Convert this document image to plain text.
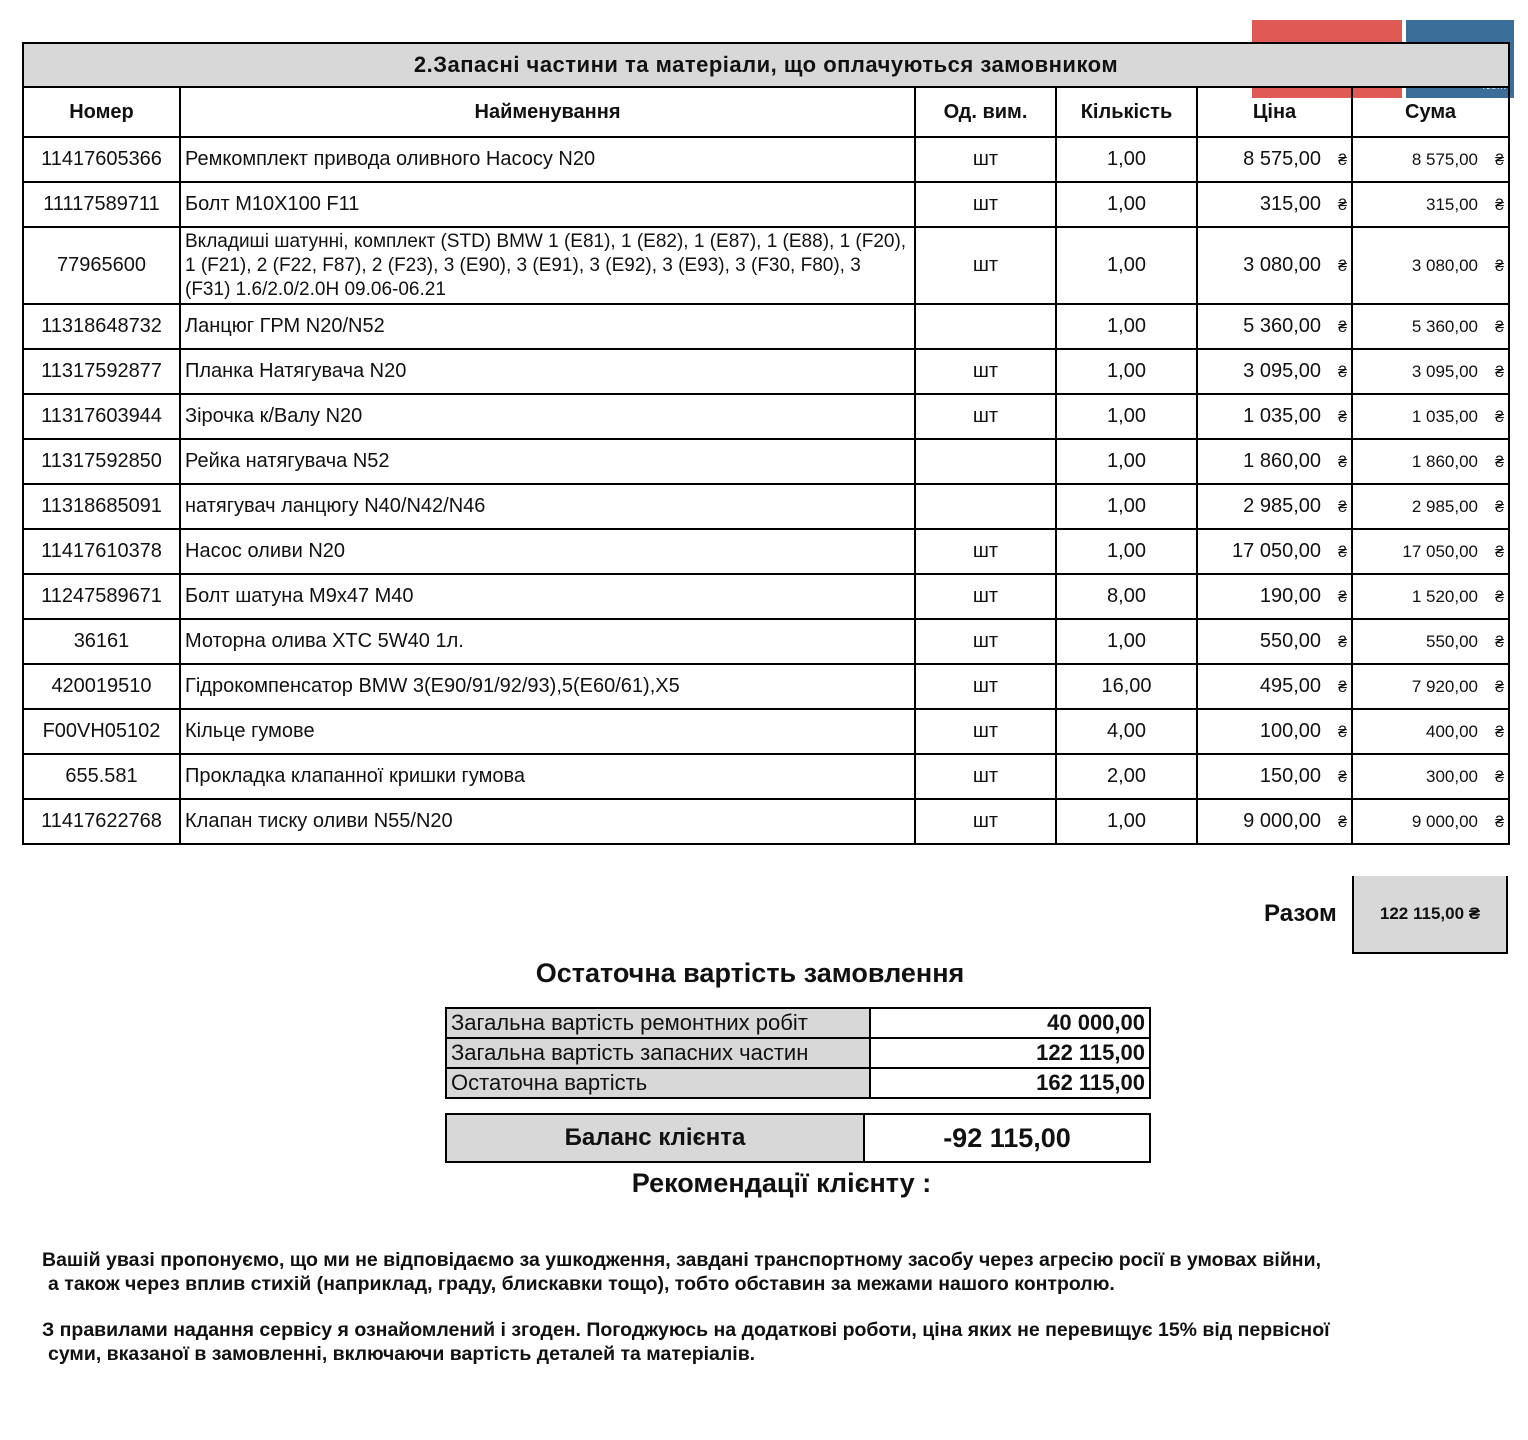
2.Запасні частини та матеріали, що оплачуються замовником					
Номер	Найменування	Од. вим.	Кількість	Ціна	Сума
11417605366	Ремкомплект привода оливного Насосу N20	шт	1,00	8 575,00 ₴	8 575,00 ₴
11117589711	Болт M10X100 F11	шт	1,00	315,00 ₴	315,00 ₴
77965600	Вкладиші шатунні, комплект (STD) BMW 1 (E81), 1 (E82), 1 (E87), 1 (E88), 1 (F20), 1 (F21), 2 (F22, F87), 2 (F23), 3 (E90), 3 (E91), 3 (E92), 3 (E93), 3 (F30, F80), 3 (F31) 1.6/2.0/2.0H 09.06-06.21	шт	1,00	3 080,00 ₴	3 080,00 ₴
11318648732	Ланцюг ГРМ N20/N52		1,00	5 360,00 ₴	5 360,00 ₴
11317592877	Планка Натягувача N20	шт	1,00	3 095,00 ₴	3 095,00 ₴
11317603944	Зірочка к/Валу N20	шт	1,00	1 035,00 ₴	1 035,00 ₴
11317592850	Рейка натягувача N52		1,00	1 860,00 ₴	1 860,00 ₴
11318685091	натягувач ланцюгу N40/N42/N46		1,00	2 985,00 ₴	2 985,00 ₴
11417610378	Насос оливи N20	шт	1,00	17 050,00 ₴	17 050,00 ₴
11247589671	Болт шатуна M9x47 M40	шт	8,00	190,00 ₴	1 520,00 ₴
36161	Моторна олива XTC 5W40 1л.	шт	1,00	550,00 ₴	550,00 ₴
420019510	Гідрокомпенсатор BMW 3(E90/91/92/93),5(E60/61),X5	шт	16,00	495,00 ₴	7 920,00 ₴
F00VH05102	Кільце гумове	шт	4,00	100,00 ₴	400,00 ₴
655.581	Прокладка клапанної кришки гумова	шт	2,00	150,00 ₴	300,00 ₴
11417622768	Клапан тиску оливи N55/N20	шт	1,00	9 000,00 ₴	9 000,00 ₴
Разом	122 115,00 ₴
Остаточна вартість замовлення
Загальна вартість ремонтних робіт	40 000,00
Загальна вартість запасних частин	122 115,00
Остаточна вартість	162 115,00
Баланс клієнта	-92 115,00
Рекомендації клієнту :

Вашій увазі пропонуємо, що ми не відповідаємо за ушкодження, завдані транспортному засобу через агресію росії в умовах війни,

а також через вплив стихій (наприклад, граду, блискавки тощо), тобто обставин за межами нашого контролю.

З правилами надання сервісу я ознайомлений і згоден. Погоджуюсь на додаткові роботи, ціна яких не перевищує 15% від первісної

суми, вказаної в замовленні, включаючи вартість деталей та матеріалів.
